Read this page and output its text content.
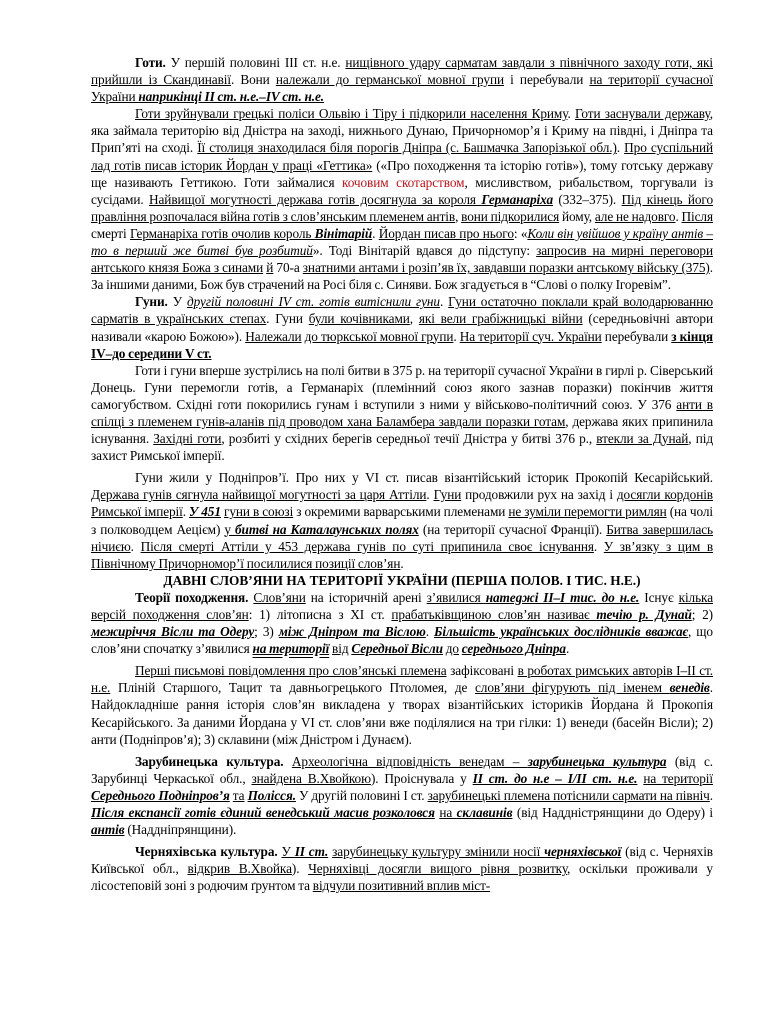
Готи. У першій половині ІІІ ст. н.е. нищівного удару сарматам завдали з північного заходу готи, які прийшли із Скандинавії. Вони належали до германської мовної групи і перебували на території сучасної України наприкінці II ст. н.е.–IV ст. н.е.

Готи зруйнували грецькі поліси Ольвію і Тіру і підкорили населення Криму. Готи заснували державу, яка займала територію від Дністра на заході, нижнього Дунаю, Причорномор’я і Криму на півдні, і Дніпра та Прип’яті на сході. Її столиця знаходилася біля порогів Дніпра (с. Башмачка Запорізької обл.). Про суспільний лад готів писав історик Йордан у праці «Геттика» («Про походження та історію готів»), тому готську державу ще називають Геттикою. Готи займалися кочовим скотарством, мисливством, рибальством, торгували із сусідами. Найвищої могутності держава готів досягнула за короля Германаріха (332–375). Під кінець його правління розпочалася війна готів з слов’янським племенем антів, вони підкорилися йому, але не надовго. Після смерті Германаріха готів очолив король Вінітарій. Йордан писав про нього: «Коли він увійшов у країну антів – то в перший же битві був розбитий». Тоді Вінітарій вдався до підступу: запросив на мирні переговори антського князя Божа з синами й 70-а знатними антами і розіп’яв їх, завдавши поразки антському війську (375). За іншими даними, Бож був страчений на Росі біля с. Синяви. Бож згадується в “Слові о полку Ігоревім”.

Гуни. У другій половині IV ст. готів витіснили гуни. Гуни остаточно поклали край володарюванню сарматів в українських степах. Гуни були кочівниками, які вели грабіжницькі війни (середньовічні автори називали «карою Божою»). Належали до тюркської мовної групи. На території суч. України перебували з кінця IV–до середини V ст.

Готи і гуни вперше зустрілись на полі битви в 375 р. на території сучасної України в гирлі р. Сіверський Донець. Гуни перемогли готів, а Германаріх (племінний союз якого зазнав поразки) покінчив життя самогубством. Східні готи покорились гунам і вступили з ними у військово-політичний союз. У 376 анти в спілці з племенем гунів-аланів під проводом хана Баламбера завдали поразки готам, держава яких припинила існування. Західні готи, розбиті у східних берегів середньої течії Дністра у битві 376 р., втекли за Дунай, під захист Римської імперії.

Гуни жили у Подніпров’ї. Про них у VI ст. писав візантійський історик Прокопій Кесарійський. Держава гунів сягнула найвищої могутності за царя Аттіли. Гуни продовжили рух на захід і досягли кордонів Римської імперії. У 451 гуни в союзі з окремими варварськими племенами не зуміли перемогти римлян (на чолі з полководцем Аецієм) у битві на Каталаунських полях (на території сучасної Франції). Битва завершилась нічиєю. Після смерті Аттіли у 453 держава гунів по суті припинила своє існування. У зв’язку з цим в Північному Причорномор’ї посилилися позиції слов’ян.

ДАВНІ СЛОВ’ЯНИ НА ТЕРИТОРІЇ УКРАЇНИ (ПЕРША ПОЛОВ. І ТИС. Н.Е.)

Теорії походження. Слов’яни на історичній арені з’явилися наmegжi II–I тис. до н.е. Існує кілька версій походження слов’ян: 1) літописна з ХІ ст. прабатьківщиною слов’ян називає течію р. Дунай; 2) межиріччя Вісли та Одеру; 3) між Дніпром та Віслою. Більшість українських дослідників вважає, що слов’яни спочатку з’явилися на території від Середньої Вісли до середнього Дніпра.

Перші письмові повідомлення про слов’янські племена зафіксовані в роботах римських авторів І–ІІ ст. н.е. Пліній Старшого, Тацит та давньогрецького Птоломея, де слов’яни фігурують під іменем венедів. Найдокладніше рання історія слов’ян викладена у творах візантійських історикiв Йордана й Прокопія Кесарійського. За даними Йордана у VI ст. слов’яни вже поділялися на три гілки: 1) венеди (басейн Вісли); 2) анти (Подніпров’я); 3) склавини (між Дністром і Дунаєм).

Зарубинецька культура. Археологічна відповідність венедам – зарубинецька культура (від с. Зарубинці Черкаської обл., знайдена В.Хвойкою). Проіснувала у ІІ ст. до н.е – І/ІІ ст. н.е. на території Середнього Подніпров’я та Полісся. У другій половині І ст. зарубинецькі племена потіснили сармати на північ. Після експансії готів єдиний венедський масив розколовся на склавинів (від Наддністрянщини до Одеру) і антів (Наддніпрянщини).

Черняхівська культура. У ІІ ст. зарубинецьку культуру змінили носії черняхівської (від с. Черняхів Київської обл., відкрив В.Хвойка). Черняхівці досягли вищого рівня розвитку, оскільки проживали у лісостеповій зоні з родючим ґрунтом та відчули позитивний вплив міст-
